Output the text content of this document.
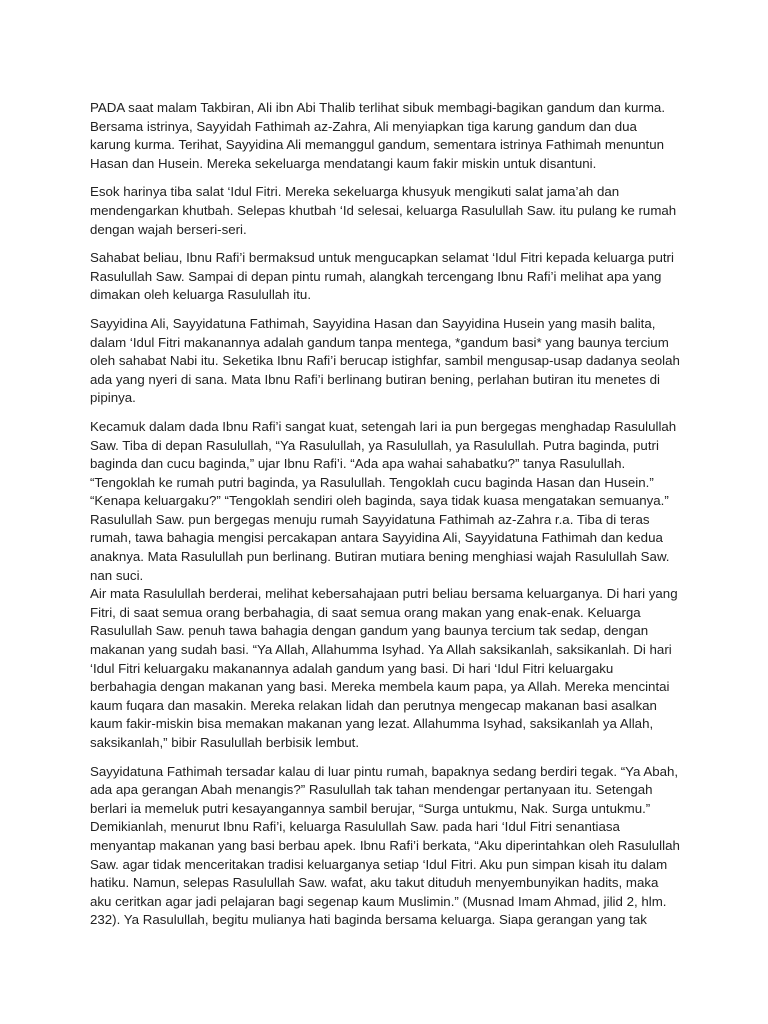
PADA saat malam Takbiran, Ali ibn Abi Thalib terlihat sibuk membagi-bagikan gandum dan kurma. Bersama istrinya, Sayyidah Fathimah az-Zahra, Ali menyiapkan tiga karung gandum dan dua karung kurma. Terihat, Sayyidina Ali memanggul gandum, sementara istrinya Fathimah menuntun Hasan dan Husein. Mereka sekeluarga mendatangi kaum fakir miskin untuk disantuni.

Esok harinya tiba salat ‘Idul Fitri. Mereka sekeluarga khusyuk mengikuti salat jama’ah dan mendengarkan khutbah. Selepas khutbah ‘Id selesai, keluarga Rasulullah Saw. itu pulang ke rumah dengan wajah berseri-seri.

Sahabat beliau, Ibnu Rafi’i bermaksud untuk mengucapkan selamat ‘Idul Fitri kepada keluarga putri Rasulullah Saw. Sampai di depan pintu rumah, alangkah tercengang Ibnu Rafi’i melihat apa yang dimakan oleh keluarga Rasulullah itu.

Sayyidina Ali, Sayyidatuna Fathimah, Sayyidina Hasan dan Sayyidina Husein yang masih balita, dalam ‘Idul Fitri makanannya adalah gandum tanpa mentega, *gandum basi* yang baunya tercium oleh sahabat Nabi itu. Seketika Ibnu Rafi’i berucap istighfar, sambil mengusap-usap dadanya seolah ada yang nyeri di sana. Mata Ibnu Rafi’i berlinang butiran bening, perlahan butiran itu menetes di pipinya.

Kecamuk dalam dada Ibnu Rafi’i sangat kuat, setengah lari ia pun bergegas menghadap Rasulullah Saw. Tiba di depan Rasulullah, “Ya Rasulullah, ya Rasulullah, ya Rasulullah. Putra baginda, putri baginda dan cucu baginda,” ujar Ibnu Rafi’i. “Ada apa wahai sahabatku?” tanya Rasulullah. “Tengoklah ke rumah putri baginda, ya Rasulullah. Tengoklah cucu baginda Hasan dan Husein.” “Kenapa keluargaku?” “Tengoklah sendiri oleh baginda, saya tidak kuasa mengatakan semuanya.” Rasulullah Saw. pun bergegas menuju rumah Sayyidatuna Fathimah az-Zahra r.a. Tiba di teras rumah, tawa bahagia mengisi percakapan antara Sayyidina Ali, Sayyidatuna Fathimah dan kedua anaknya. Mata Rasulullah pun berlinang. Butiran mutiara bening menghiasi wajah Rasulullah Saw. nan suci.

Air mata Rasulullah berderai, melihat kebersahajaan putri beliau bersama keluarganya. Di hari yang Fitri, di saat semua orang berbahagia, di saat semua orang makan yang enak-enak. Keluarga Rasulullah Saw. penuh tawa bahagia dengan gandum yang baunya tercium tak sedap, dengan makanan yang sudah basi. “Ya Allah, Allahumma Isyhad. Ya Allah saksikanlah, saksikanlah. Di hari ‘Idul Fitri keluargaku makanannya adalah gandum yang basi. Di hari ‘Idul Fitri keluargaku berbahagia dengan makanan yang basi. Mereka membela kaum papa, ya Allah. Mereka mencintai kaum fuqara dan masakin. Mereka relakan lidah dan perutnya mengecap makanan basi asalkan kaum fakir-miskin bisa memakan makanan yang lezat. Allahumma Isyhad, saksikanlah ya Allah, saksikanlah,” bibir Rasulullah berbisik lembut.

Sayyidatuna Fathimah tersadar kalau di luar pintu rumah, bapaknya sedang berdiri tegak. “Ya Abah, ada apa gerangan Abah menangis?” Rasulullah tak tahan mendengar pertanyaan itu. Setengah berlari ia memeluk putri kesayangannya sambil berujar, “Surga untukmu, Nak. Surga untukmu.” Demikianlah, menurut Ibnu Rafi’i, keluarga Rasulullah Saw. pada hari ‘Idul Fitri senantiasa menyantap makanan yang basi berbau apek. Ibnu Rafi’i berkata, “Aku diperintahkan oleh Rasulullah Saw. agar tidak menceritakan tradisi keluarganya setiap ‘Idul Fitri. Aku pun simpan kisah itu dalam hatiku. Namun, selepas Rasulullah Saw. wafat, aku takut dituduh menyembunyikan hadits, maka aku ceritkan agar jadi pelajaran bagi segenap kaum Muslimin.” (Musnad Imam Ahmad, jilid 2, hlm. 232). Ya Rasulullah, begitu mulianya hati baginda bersama keluarga. Siapa gerangan yang tak
